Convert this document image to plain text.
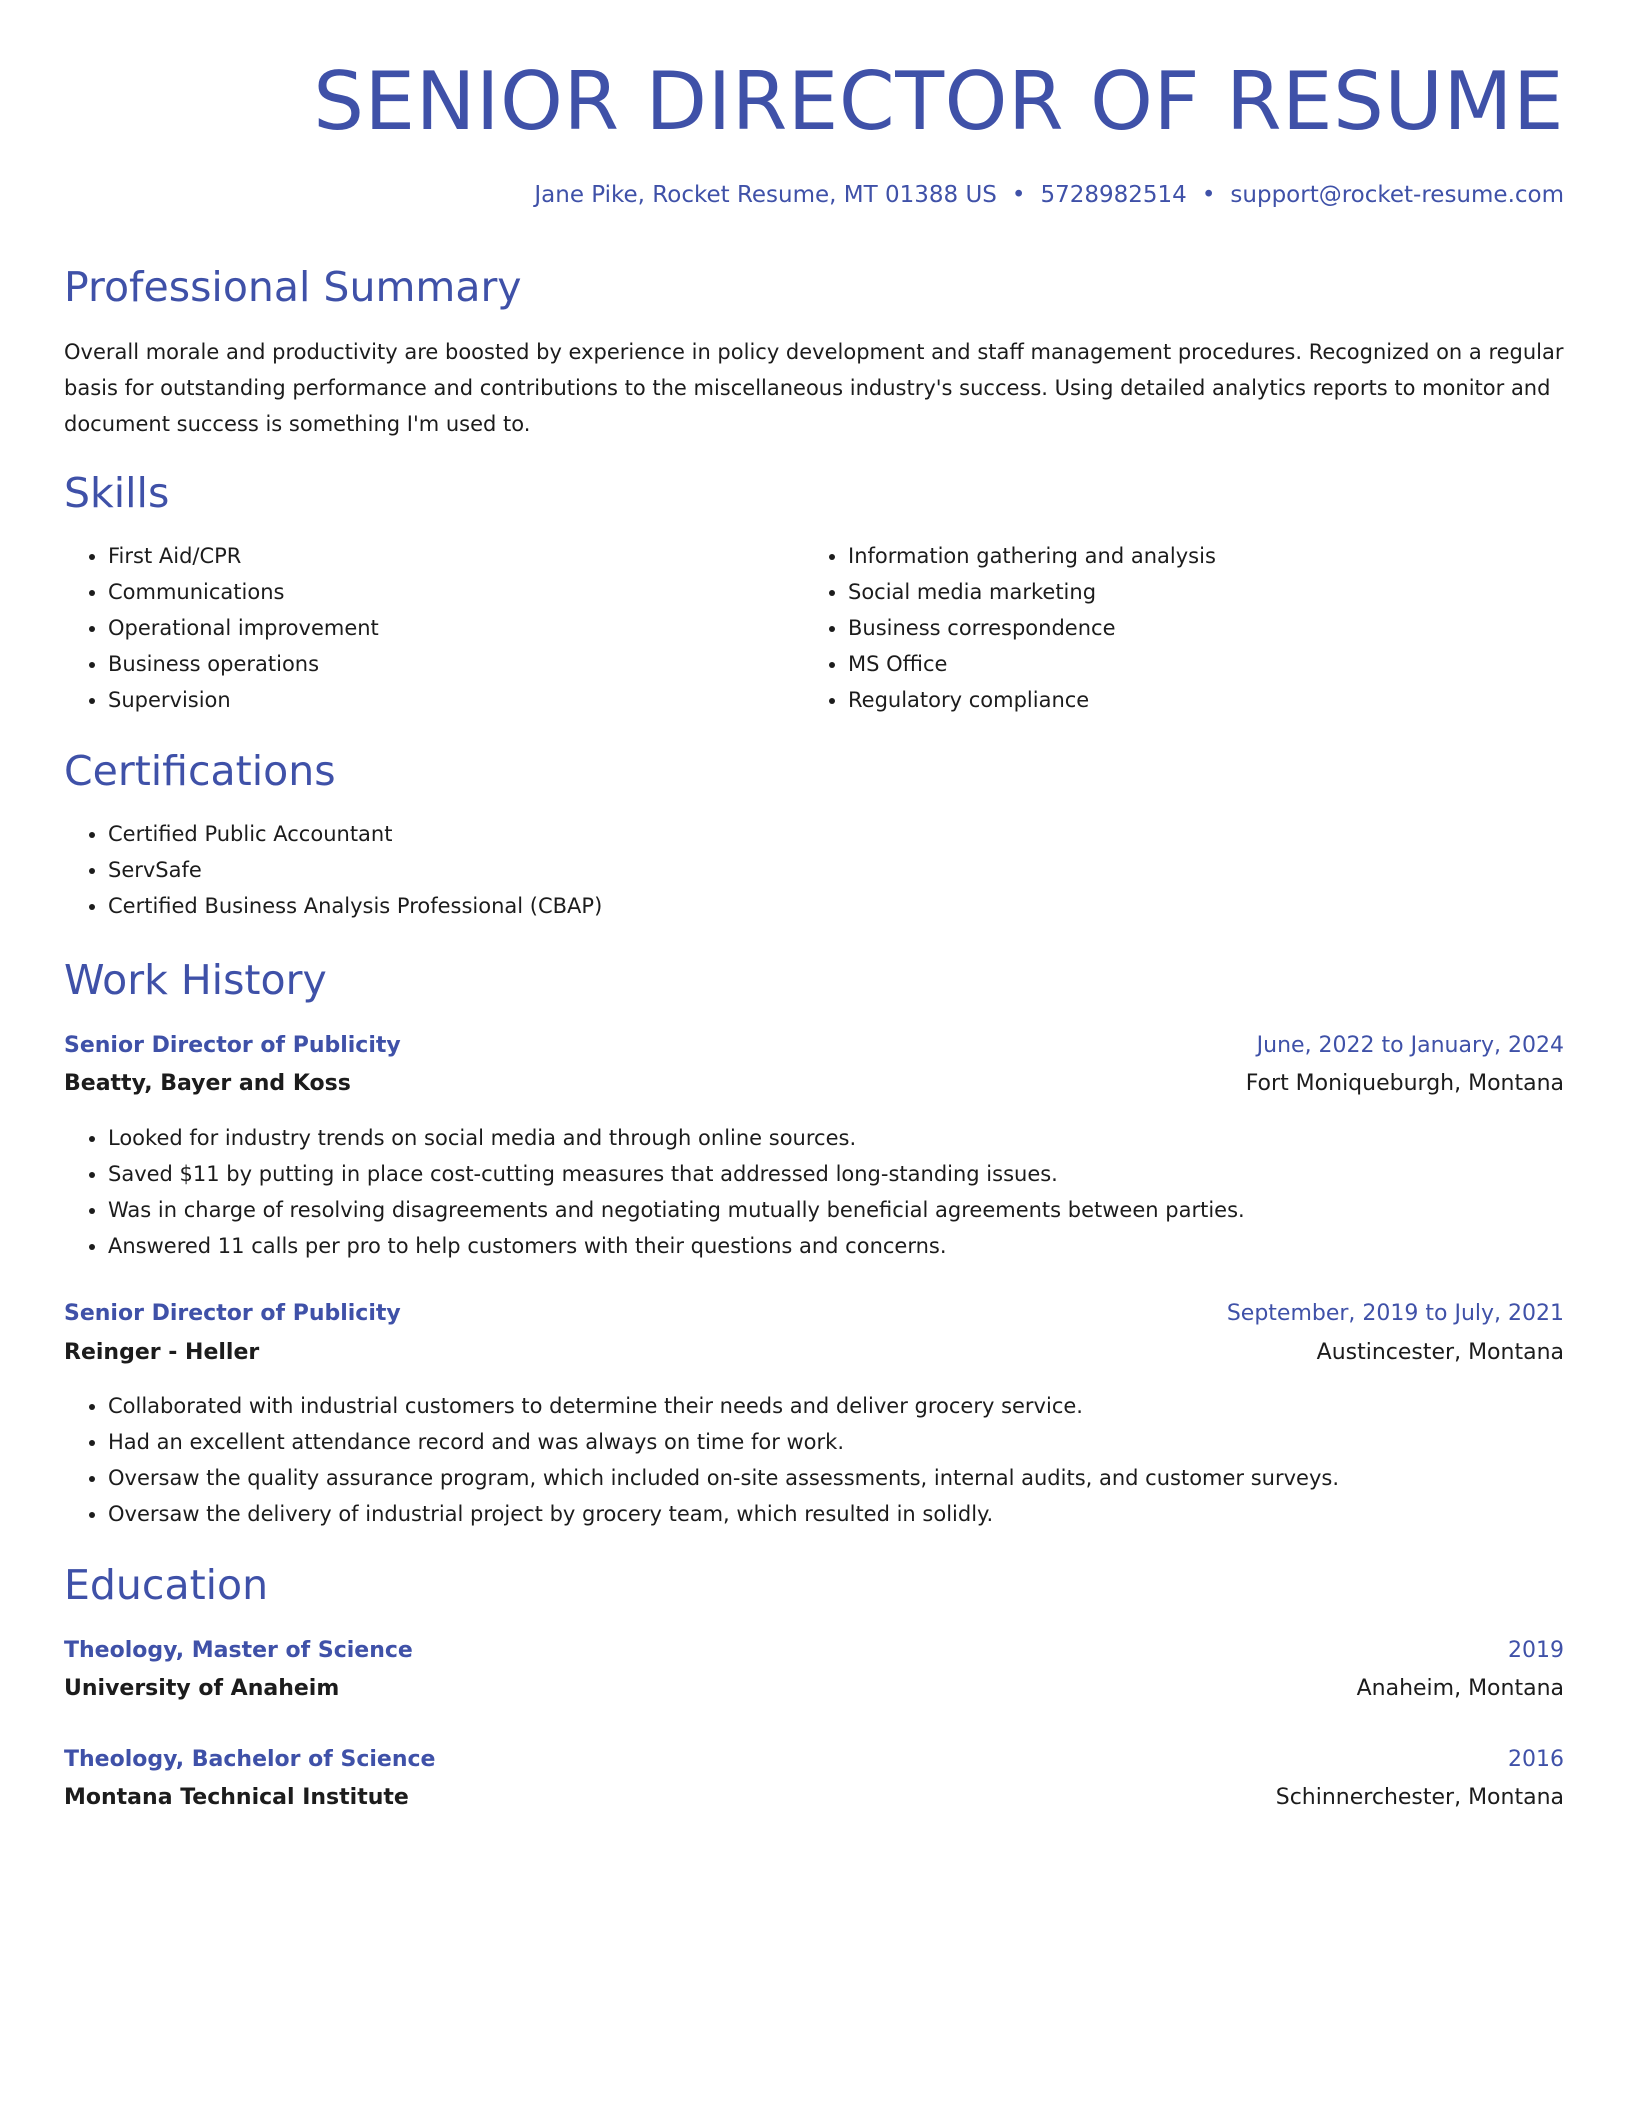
SENIOR DIRECTOR OF RESUME
Jane Pike, Rocket Resume, MT 01388 US • 5728982514 • support@rocket-resume.com
Professional Summary

Overall morale and productivity are boosted by experience in policy development and staff management procedures. Recognized on a regular basis for outstanding performance and contributions to the miscellaneous industry's success. Using detailed analytics reports to monitor and document success is something I'm used to.

Skills
• First Aid/CPR
• Communications
• Operational improvement
• Business operations
• Supervision
• Information gathering and analysis
• Social media marketing
• Business correspondence
• MS Office
• Regulatory compliance
Certifications
• Certified Public Accountant
• ServSafe
• Certified Business Analysis Professional (CBAP)
Work History
Senior Director of Publicity	June, 2022 to January, 2024
Beatty, Bayer and Koss	Fort Moniqueburgh, Montana
• Looked for industry trends on social media and through online sources.
• Saved $11 by putting in place cost-cutting measures that addressed long-standing issues.
• Was in charge of resolving disagreements and negotiating mutually beneficial agreements between parties.
• Answered 11 calls per pro to help customers with their questions and concerns.
Senior Director of Publicity	September, 2019 to July, 2021
Reinger - Heller	Austincester, Montana
• Collaborated with industrial customers to determine their needs and deliver grocery service.
• Had an excellent attendance record and was always on time for work.
• Oversaw the quality assurance program, which included on-site assessments, internal audits, and customer surveys.
• Oversaw the delivery of industrial project by grocery team, which resulted in solidly.
Education
Theology, Master of Science	2019
University of Anaheim	Anaheim, Montana
Theology, Bachelor of Science	2016
Montana Technical Institute	Schinnerchester, Montana
